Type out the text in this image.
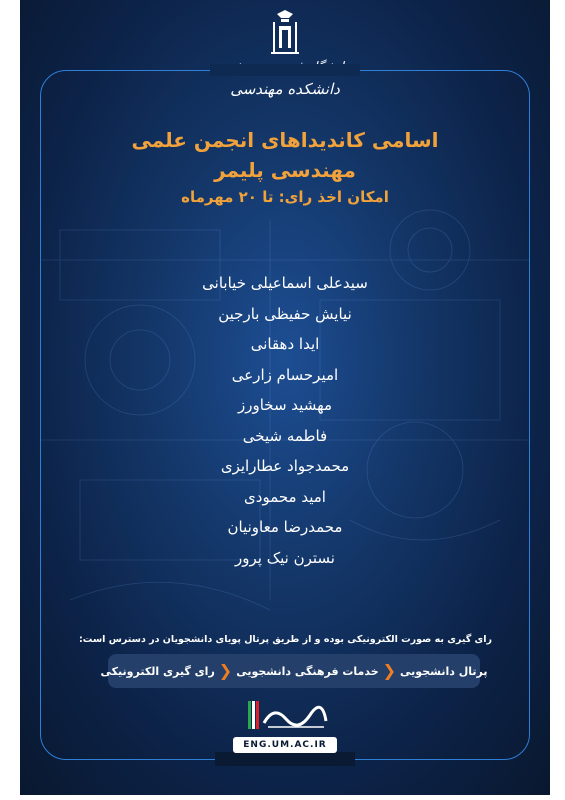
دانشکده مهندسی
اسامی کاندیداهای انجمن علمی
مهندسی پلیمر
امکان اخذ رای: تا ۲۰ مهرماه
سیدعلی اسماعیلی خیابانی
نیایش حفیظی بارجین
ایدا دهقانی
امیرحسام زارعی
مهشید سخاورز
فاطمه شیخی
محمدجواد عطارایزی
امید محمودی
محمدرضا معاونیان
نسترن نیک پرور
رای گیری به صورت الکترونیکی بوده و از طریق پرتال پویای دانشجویان در دسترس است:
پرتال دانشجویی
❮
خدمات فرهنگی دانشجویی
❮
رای گیری الکترونیکی
ENG.UM.AC.IR
